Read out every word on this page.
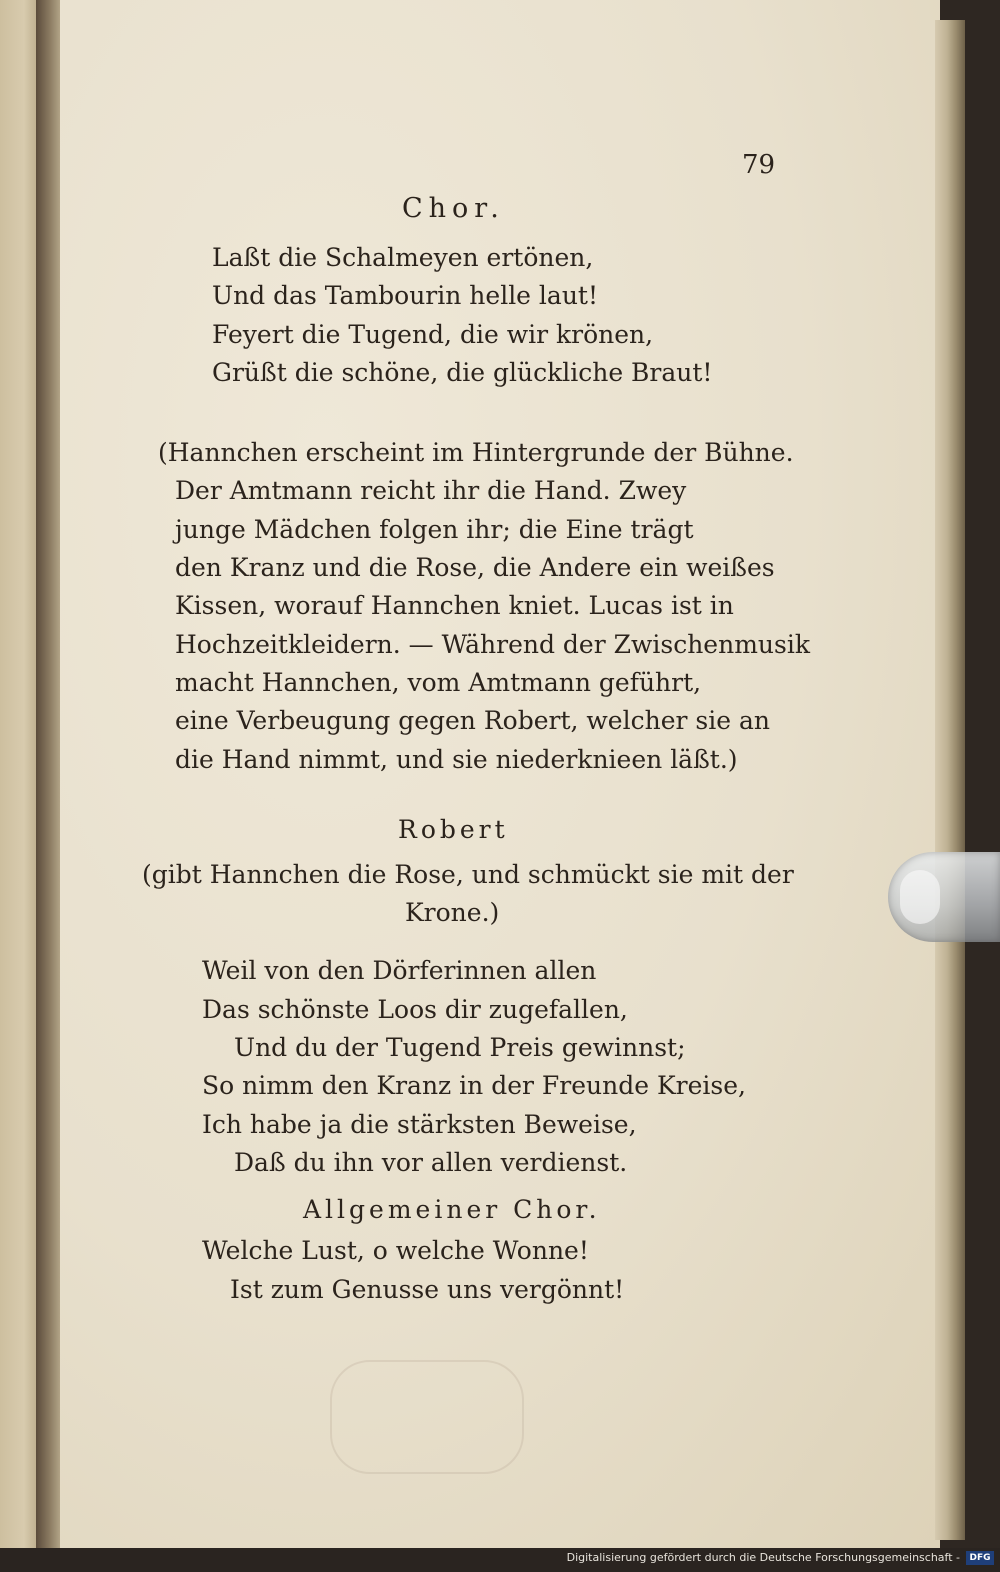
79
Chor.
Laßt die Schalmeyen ertönen,
Und das Tambourin helle laut!
Feyert die Tugend, die wir krönen,
Grüßt die schöne, die glückliche Braut!
(Hannchen erscheint im Hintergrunde der Bühne.
Der Amtmann reicht ihr die Hand. Zwey
junge Mädchen folgen ihr; die Eine trägt
den Kranz und die Rose, die Andere ein weißes
Kissen, worauf Hannchen kniet. Lucas ist in
Hochzeitkleidern. — Während der Zwischenmusik
macht Hannchen, vom Amtmann geführt,
eine Verbeugung gegen Robert, welcher sie an
die Hand nimmt, und sie niederknieen läßt.)
Robert
(gibt Hannchen die Rose, und schmückt sie mit der
Krone.)
Weil von den Dörferinnen allen
Das schönste Loos dir zugefallen,
Und du der Tugend Preis gewinnst;
So nimm den Kranz in der Freunde Kreise,
Ich habe ja die stärksten Beweise,
Daß du ihn vor allen verdienst.
Allgemeiner Chor.
Welche Lust, o welche Wonne!
Ist zum Genusse uns vergönnt!
Digitalisierung gefördert durch die Deutsche Forschungsgemeinschaft -	DFG
